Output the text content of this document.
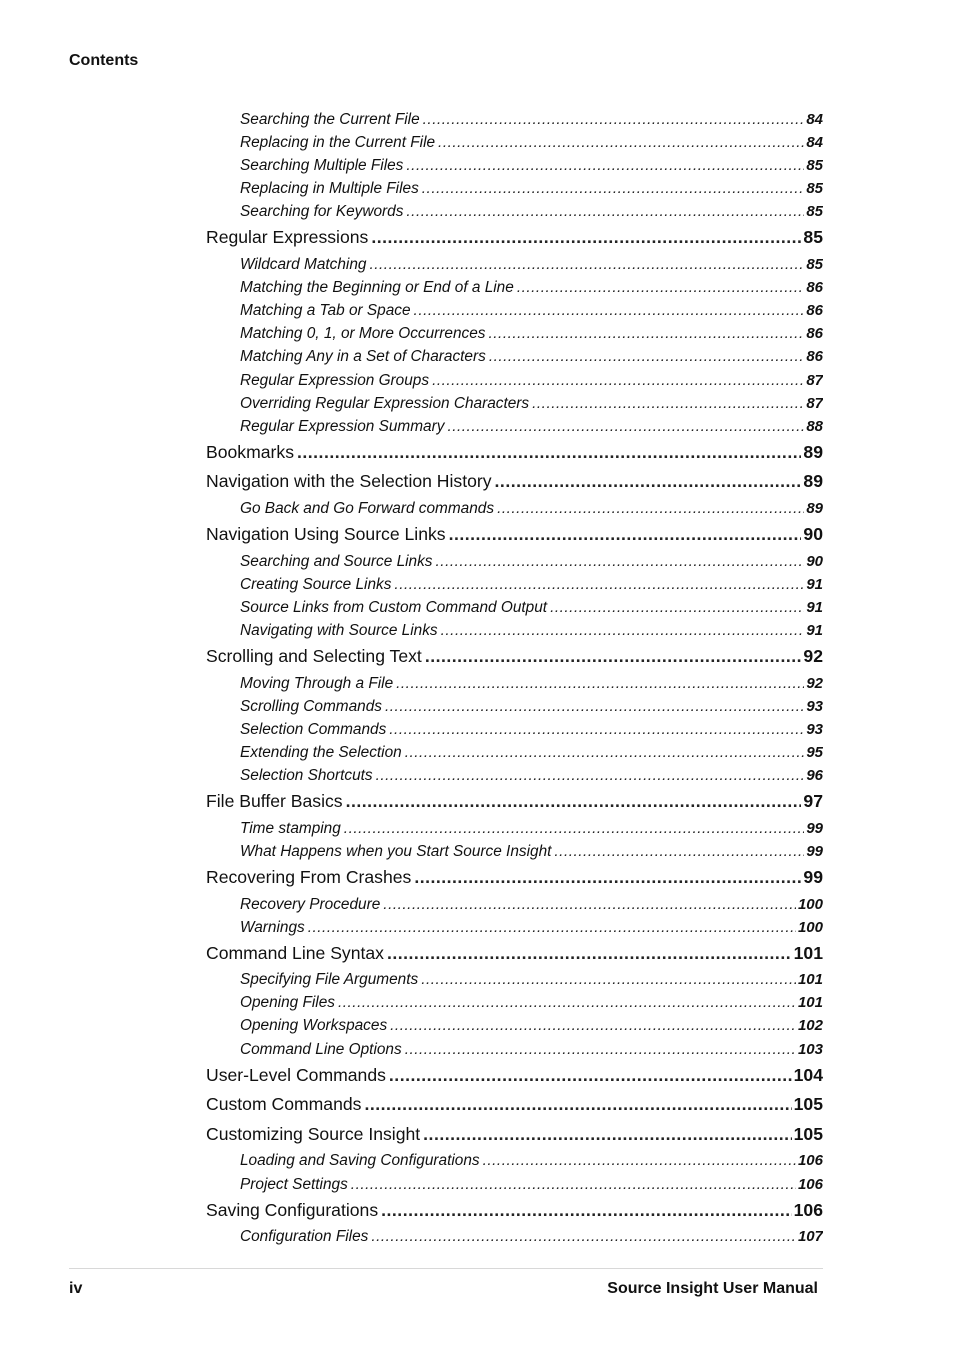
Contents
Searching the Current File .....	84
Replacing in the Current File .....	84
Searching Multiple Files .....	85
Replacing in Multiple Files .....	85
Searching for Keywords .....	85
Regular Expressions .....	85
Wildcard Matching .....	85
Matching the Beginning or End of a Line .....	86
Matching a Tab or Space .....	86
Matching 0, 1, or More Occurrences .....	86
Matching Any in a Set of Characters .....	86
Regular Expression Groups .....	87
Overriding Regular Expression Characters .....	87
Regular Expression Summary .....	88
Bookmarks .....	89
Navigation with the Selection History .....	89
Go Back and Go Forward commands .....	89
Navigation Using Source Links .....	90
Searching and Source Links .....	90
Creating Source Links .....	91
Source Links from Custom Command Output .....	91
Navigating with Source Links .....	91
Scrolling and Selecting Text .....	92
Moving Through a File .....	92
Scrolling Commands .....	93
Selection Commands .....	93
Extending the Selection .....	95
Selection Shortcuts .....	96
File Buffer Basics .....	97
Time stamping .....	99
What Happens when you Start Source Insight .....	99
Recovering From Crashes .....	99
Recovery Procedure .....	100
Warnings .....	100
Command Line Syntax .....	101
Specifying File Arguments .....	101
Opening Files .....	101
Opening Workspaces .....	102
Command Line Options .....	103
User-Level Commands .....	104
Custom Commands .....	105
Customizing Source Insight .....	105
Loading and Saving Configurations .....	106
Project Settings .....	106
Saving Configurations .....	106
Configuration Files .....	107
iv	Source Insight User Manual
